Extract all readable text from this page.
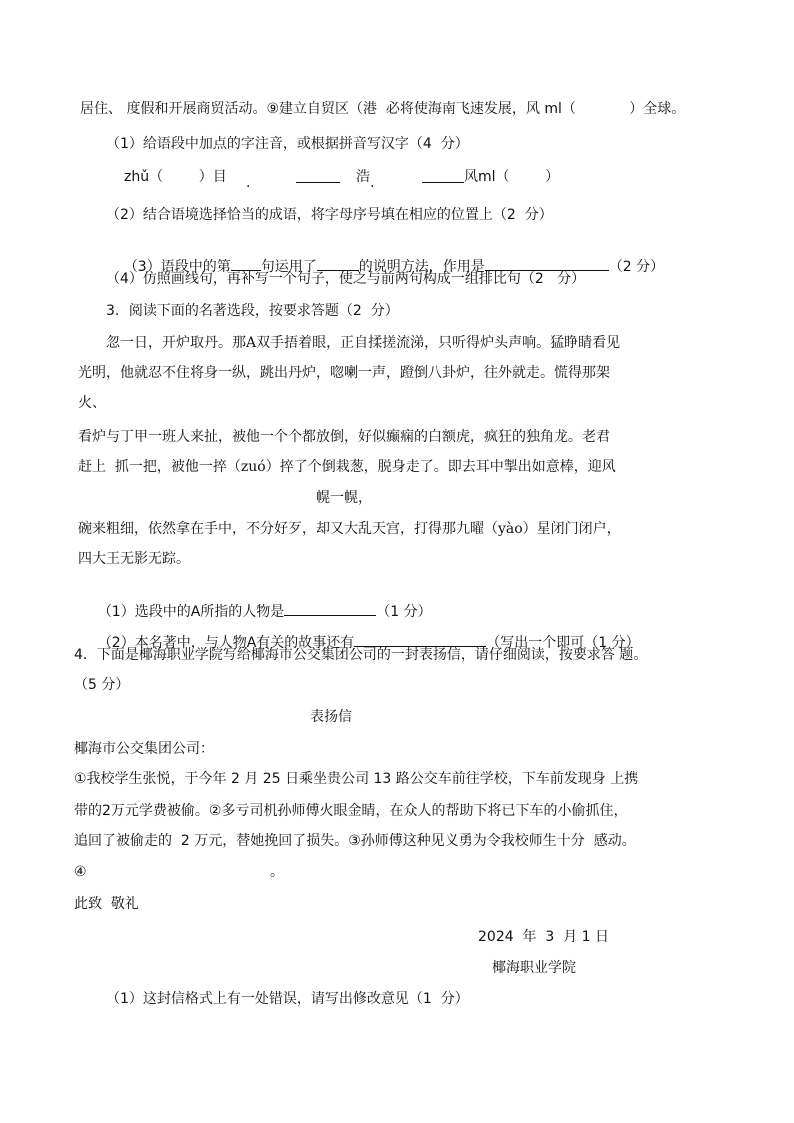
居住、 度假和开展商贸活动。⑨建立自贸区（港  必将使海南飞速发展，风 ml（            ）全球。
（1）给语段中加点的字注音，或根据拼音写汉字（4  分）

zhǔ（        ）目

.

	浩

.

	风ml（        ）

（2）结合语境选择恰当的成语，将字母序号填在相应的位置上（2  分）

（3）语段中的第 句运用了	的说明方法，作用是	（2 分）

（4）仿照画线句，再补写一个句子，使之与前两句构成一组排比句（2   分）
3．阅读下面的名著选段，按要求答题（2  分）
忽一日，开炉取丹。那A双手捂着眼，正自揉搓流涕，只听得炉头声响。猛睁睛看见
光明，他就忍不住将身一纵，跳出丹炉，唿喇一声，蹬倒八卦炉，往外就走。慌得那架
火、
看炉与丁甲一班人来扯，被他一个个都放倒，好似癫痫的白额虎，疯狂的独角龙。老君
赶上  抓一把，被他一捽（zuó）捽了个倒栽葱，脱身走了。即去耳中掣出如意棒，迎风
幌一幌，
碗来粗细，依然拿在手中，不分好歹，却又大乱天宫，打得那九曜（yào）星闭门闭户，
四大王无影无踪。

（1）选段中的A所指的人物是	（1 分）

（2）本名著中，与人物A有关的故事还有	（写出一个即可（1 分）

4．下面是椰海职业学院写给椰海市公交集团公司的一封表扬信，请仔细阅读，按要求答 题。
（5 分）
表扬信
椰海市公交集团公司：
①我校学生张悦，于今年 2 月 25 日乘坐贵公司 13 路公交车前往学校，下车前发现身 上携
带的2万元学费被偷。②多亏司机孙师傅火眼金睛，在众人的帮助下将已下车的小偷抓住，
追回了被偷走的  2 万元，替她挽回了损失。③孙师傅这种见义勇为令我校师生十分  感动。

④

	。

此致  敬礼
2024  年  3  月 1 日
椰海职业学院
（1）这封信格式上有一处错误，请写出修改意见（1  分）
